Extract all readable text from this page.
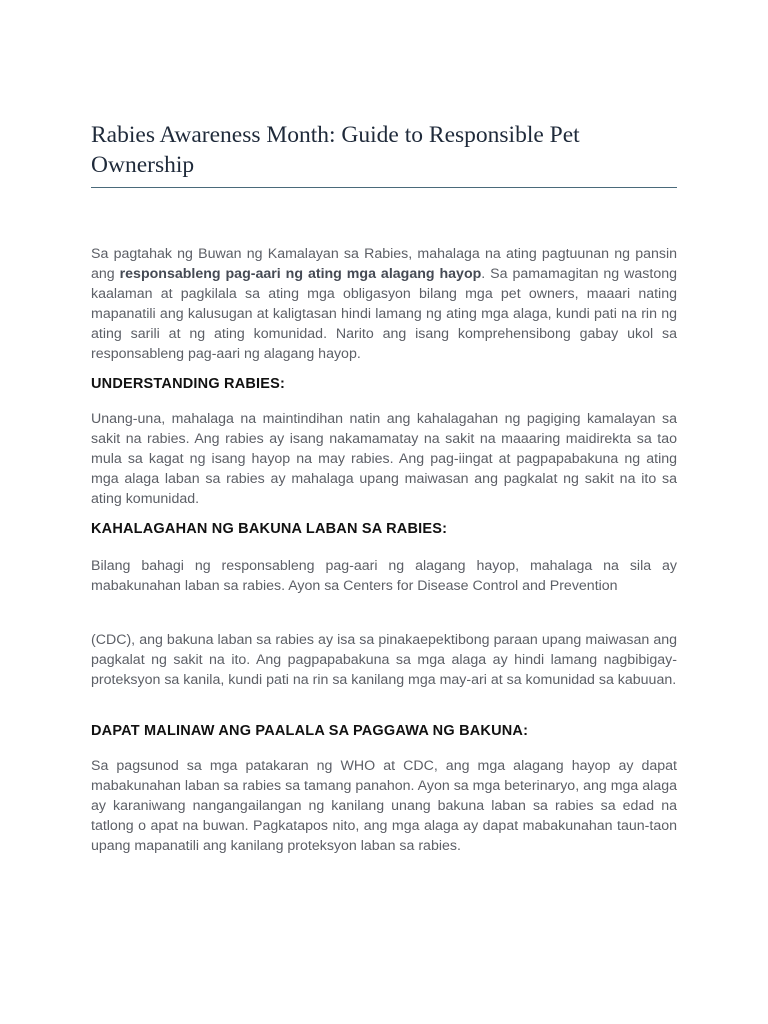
Rabies Awareness Month: Guide to Responsible Pet Ownership

Sa pagtahak ng Buwan ng Kamalayan sa Rabies, mahalaga na ating pagtuunan ng pansin ang responsableng pag-aari ng ating mga alagang hayop. Sa pamamagitan ng wastong kaalaman at pagkilala sa ating mga obligasyon bilang mga pet owners, maaari nating mapanatili ang kalusugan at kaligtasan hindi lamang ng ating mga alaga, kundi pati na rin ng ating sarili at ng ating komunidad. Narito ang isang komprehensibong gabay ukol sa responsableng pag-aari ng alagang hayop.

UNDERSTANDING RABIES:

Unang-una, mahalaga na maintindihan natin ang kahalagahan ng pagiging kamalayan sa sakit na rabies. Ang rabies ay isang nakamamatay na sakit na maaaring maidirekta sa tao mula sa kagat ng isang hayop na may rabies. Ang pag-iingat at pagpapabakuna ng ating mga alaga laban sa rabies ay mahalaga upang maiwasan ang pagkalat ng sakit na ito sa ating komunidad.

KAHALAGAHAN NG BAKUNA LABAN SA RABIES:

Bilang bahagi ng responsableng pag-aari ng alagang hayop, mahalaga na sila ay mabakunahan laban sa rabies. Ayon sa Centers for Disease Control and Prevention

(CDC), ang bakuna laban sa rabies ay isa sa pinakaepektibong paraan upang maiwasan ang pagkalat ng sakit na ito. Ang pagpapabakuna sa mga alaga ay hindi lamang nagbibigay-proteksyon sa kanila, kundi pati na rin sa kanilang mga may-ari at sa komunidad sa kabuuan.

DAPAT MALINAW ANG PAALALA SA PAGGAWA NG BAKUNA:

Sa pagsunod sa mga patakaran ng WHO at CDC, ang mga alagang hayop ay dapat mabakunahan laban sa rabies sa tamang panahon. Ayon sa mga beterinaryo, ang mga alaga ay karaniwang nangangailangan ng kanilang unang bakuna laban sa rabies sa edad na tatlong o apat na buwan. Pagkatapos nito, ang mga alaga ay dapat mabakunahan taun-taon upang mapanatili ang kanilang proteksyon laban sa rabies.
